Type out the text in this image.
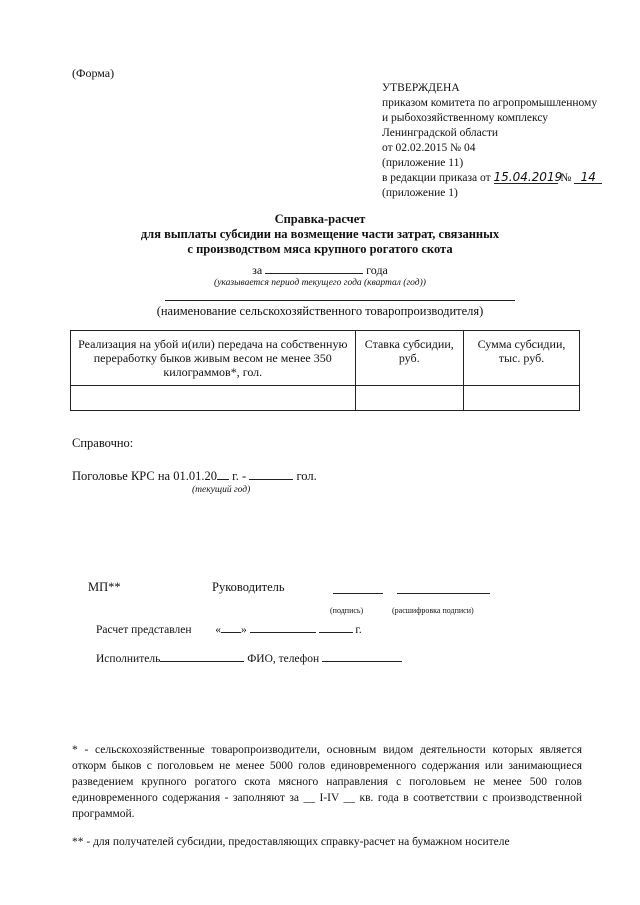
(Форма)
УТВЕРЖДЕНА
приказом комитета по агропромышленному
и рыбохозяйственному комплексу
Ленинградской области
от 02.02.2015 № 04
(приложение 11)
в редакции приказа от 15.04.2019 № 14
(приложение 1)
Справка-расчет
для выплаты субсидии на возмещение части затрат, связанных
с производством мяса крупного рогатого скота
за	года
(указывается период текущего года (квартал (год))
(наименование сельскохозяйственного товаропроизводителя)
Реализация на убой и(или) передача на собственную переработку быков живым весом не менее 350 килограммов*, гол.	Ставка субсидии, руб.	Сумма субсидии, тыс. руб.

Справочно:
Поголовье КРС на 01.01.20 г. -	гол.
(текущий год)
МП**	Руководитель
(подпись)	(расшифровка подписи)
Расчет представлен « »	г.
Исполнитель	ФИО, телефон
* - сельскохозяйственные товаропроизводители, основным видом деятельности которых является откорм быков с поголовьем не менее 5000 голов единовременного содержания или занимающиеся разведением крупного рогатого скота мясного направления с поголовьем не менее 500 голов единовременного содержания - заполняют за __ I-IV __ кв. года в соответствии с производственной программой.
** - для получателей субсидии, предоставляющих справку-расчет на бумажном носителе
